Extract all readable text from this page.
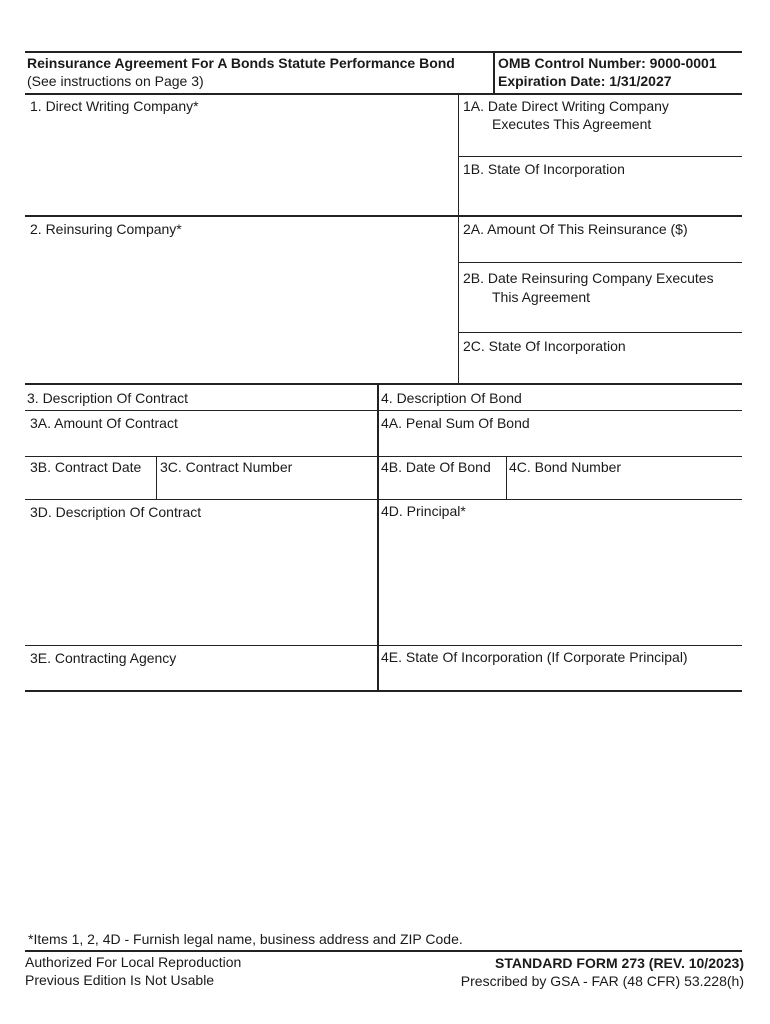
Reinsurance Agreement For A Bonds Statute Performance Bond
(See instructions on Page 3)
OMB Control Number: 9000-0001
Expiration Date: 1/31/2027
1. Direct Writing Company*	1A. Date Direct Writing Company
Executes This Agreement
1B. State Of Incorporation
2. Reinsuring Company*	2A. Amount Of This Reinsurance ($)
2B. Date Reinsuring Company Executes
This Agreement
2C. State Of Incorporation
3. Description Of Contract	4. Description Of Bond
3A. Amount Of Contract	4A. Penal Sum Of Bond
3B. Contract Date 3C. Contract Number	4B. Date Of Bond 4C. Bond Number
3D. Description Of Contract	4D. Principal*
3E. Contracting Agency	4E. State Of Incorporation (If Corporate Principal)
*Items 1, 2, 4D - Furnish legal name, business address and ZIP Code.
Authorized For Local Reproduction
Previous Edition Is Not Usable
STANDARD FORM 273 (REV. 10/2023)
Prescribed by GSA - FAR (48 CFR) 53.228(h)
